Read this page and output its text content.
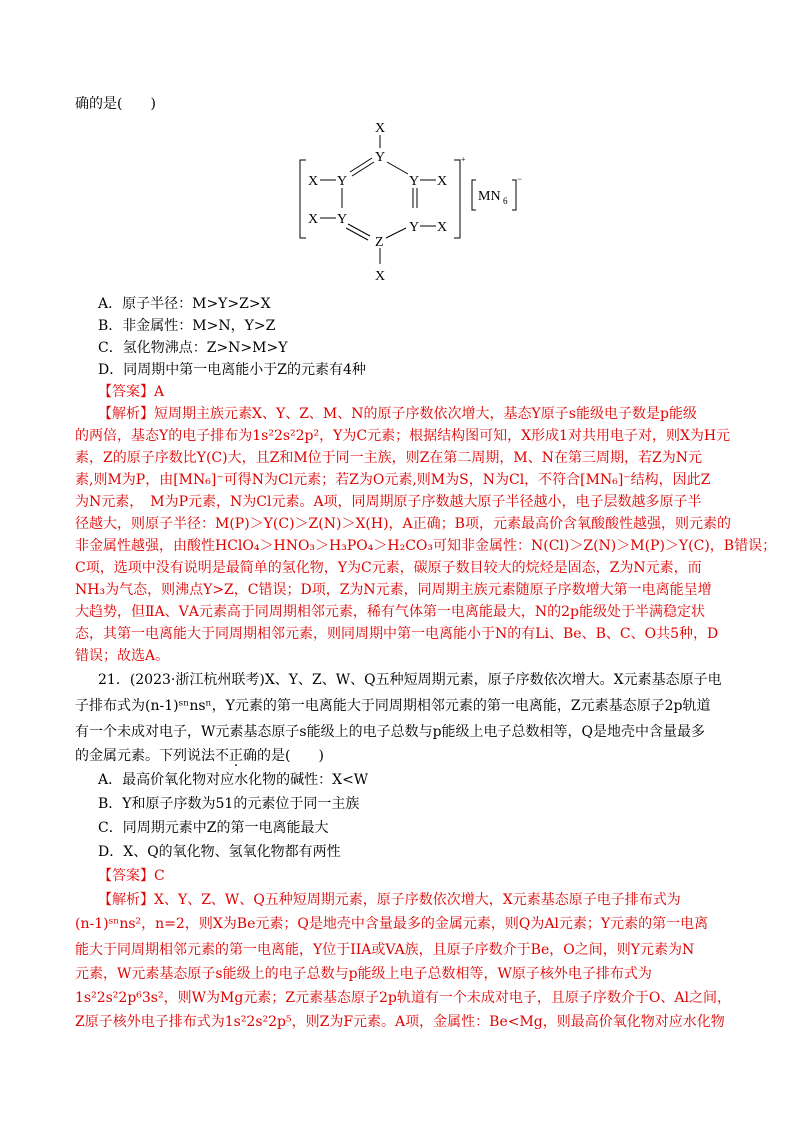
确的是(　　)
X
Y
X Y	Y X
X Y
Y X
Z
X
+
MN 6
−
A．原子半径：M>Y>Z>X
B．非金属性：M>N，Y>Z
C．氢化物沸点：Z>N>M>Y
D．同周期中第一电离能小于Z的元素有4种
【答案】A
【解析】短周期主族元素X、Y、Z、M、N的原子序数依次增大，基态Y原子s能级电子数是p能级
的两倍，基态Y的电子排布为1s²2s²2p²，Y为C元素；根据结构图可知，X形成1对共用电子对，则X为H元
素，Z的原子序数比Y(C)大，且Z和M位于同一主族，则Z在第二周期，M、N在第三周期，若Z为N元
素,则M为P，由[MN₆]⁻可得N为Cl元素；若Z为O元素,则M为S，N为Cl，不符合[MN₆]⁻结构，因此Z
为N元素，　M为P元素，N为Cl元素。A项，同周期原子序数越大原子半径越小，电子层数越多原子半
径越大，则原子半径：M(P)＞Y(C)＞Z(N)＞X(H)，A正确；B项，元素最高价含氧酸酸性越强，则元素的
非金属性越强，由酸性HClO₄＞HNO₃＞H₃PO₄＞H₂CO₃可知非金属性：N(Cl)＞Z(N)＞M(P)＞Y(C)，B错误；
C项，选项中没有说明是最简单的氢化物，Y为C元素，碳原子数目较大的烷烃是固态，Z为N元素，而
NH₃为气态，则沸点Y>Z，C错误；D项，Z为N元素，同周期主族元素随原子序数增大第一电离能呈增
大趋势，但ⅡA、ⅤA元素高于同周期相邻元素，稀有气体第一电离能最大，N的2p能级处于半满稳定状
态，其第一电离能大于同周期相邻元素，则同周期中第一电离能小于N的有Li、Be、B、C、O共5种，D
错误；故选A。
21．(2023·浙江杭州联考)X、Y、Z、W、Q五种短周期元素，原子序数依次增大。X元素基态原子电
子排布式为(n-1)ˢⁿnsⁿ，Y元素的第一电离能大于同周期相邻元素的第一电离能，Z元素基态原子2p轨道
有一个未成对电子，W元素基态原子s能级上的电子总数与p能级上电子总数相等，Q是地壳中含量最多
的金属元素。下列说法不正确的是(　　)
A．最高价氧化物对应水化物的碱性：X<W
B．Y和原子序数为51的元素位于同一主族
C．同周期元素中Z的第一电离能最大
D．X、Q的氧化物、氢氧化物都有两性
【答案】C
【解析】X、Y、Z、W、Q五种短周期元素，原子序数依次增大，X元素基态原子电子排布式为
(n-1)ˢⁿns²，n=2，则X为Be元素；Q是地壳中含量最多的金属元素，则Q为Al元素；Y元素的第一电离
能大于同周期相邻元素的第一电离能，Y位于IIA或VA族，且原子序数介于Be，O之间，则Y元素为N
元素，W元素基态原子s能级上的电子总数与p能级上电子总数相等，W原子核外电子排布式为
1s²2s²2p⁶3s²，则W为Mg元素；Z元素基态原子2p轨道有一个未成对电子，且原子序数介于O、Al之间，
Z原子核外电子排布式为1s²2s²2p⁵，则Z为F元素。A项，金属性：Be<Mg，则最高价氧化物对应水化物
